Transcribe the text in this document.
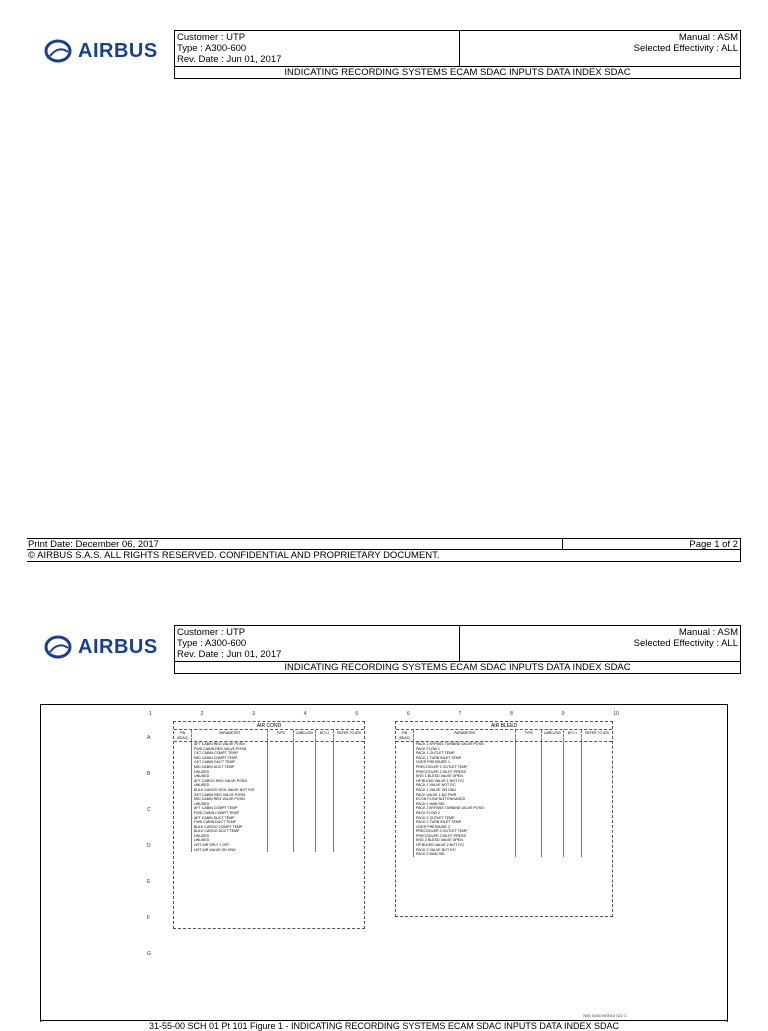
AIRBUS
Customer : UTP
Type : A300-600
Rev. Date : Jun 01, 2017
Manual : ASM
Selected Effectivity : ALL
INDICATING RECORDING SYSTEMS ECAM SDAC INPUTS DATA INDEX SDAC
Print Date: December 06, 2017	Page 1 of 2
© AIRBUS S.A.S. ALL RIGHTS RESERVED. CONFIDENTIAL AND PROPRIETARY DOCUMENT.
AIRBUS
Customer : UTP
Type : A300-600
Rev. Date : Jun 01, 2017
Manual : ASM
Selected Effectivity : ALL
INDICATING RECORDING SYSTEMS ECAM SDAC INPUTS DATA INDEX SDAC
1	2	3	4	5	6	7	8	9	10
A
B
C
D
E
F
G
AIR COND
PIN (SDAC)
PARAMETER	TYPE	LABEL/SDI	BIT=1	REFER TO ATA
AFT CABIN REG VALVE POSN
FWD CABIN REG VALVE POSN
CKT CABIN COMPT TEMP
MID CABIN COMPT TEMP
CKT CABIN DUCT TEMP
MID CABIN DUCT TEMP
UNUSED
UNUSED
AFT CARGO REG VALVE POSN
UNUSED
BULK CARGO ISOL VALVE NOT F/O
CKT CABIN REG VALVE POSN
MID CABIN REG VALVE POSN
UNUSED
AFT CABIN COMPT TEMP
FWD CABIN COMPT TEMP
AFT CABIN DUCT TEMP
FWD CABIN DUCT TEMP
BULK CARGO COMPT TEMP
BULK CARGO DUCT TEMP
UNUSED
UNUSED
HOT AIR SPLY 1 OFF
HOT AIR VALVE ON GND
AIR BLEED
PIN (SDAC)
PARAMETER	TYPE	LABEL/SDI	BIT=1	REFER TO ATA
PACK 1 BYPASS TURBINE VALVE POSN
PACK FLOW 1
PACK 1 OUTLET TEMP
PACK 1 TURB INLET TEMP
OVER PRESSURE 1
PRECOOLER 1 OUTLET TEMP
PRECOOLER 1 INLET PRESS
ENG 1 BLEED VALVE OPEN
HP BLEED VALVE 1 NOT F/C
PACK 1 VALVE NOT F/C
PACK 1 VALVE ON GND
PACK VALVE 1 NO PWR
ECON FLOW NOT ENGAGED
PACK 1 MAN SEL
PACK 2 BYPASS TURBINE VALVE POSN
PACK FLOW 2
PACK 2 OUTLET TEMP
PACK 2 TURB INLET TEMP
OVER PRESSURE 2
PRECOOLER 2 OUTLET TEMP
PRECOOLER 2 INLET PRESS
ENG 2 BLEED VALVE OPEN
HP BLEED VALVE 2 NOT F/C
PACK 2 VALVE NOT F/C
PACK 2 MAN SEL
N55 0155 000010 022 C
31-55-00 SCH 01 Pt 101 Figure 1 - INDICATING RECORDING SYSTEMS ECAM SDAC INPUTS DATA INDEX SDAC
